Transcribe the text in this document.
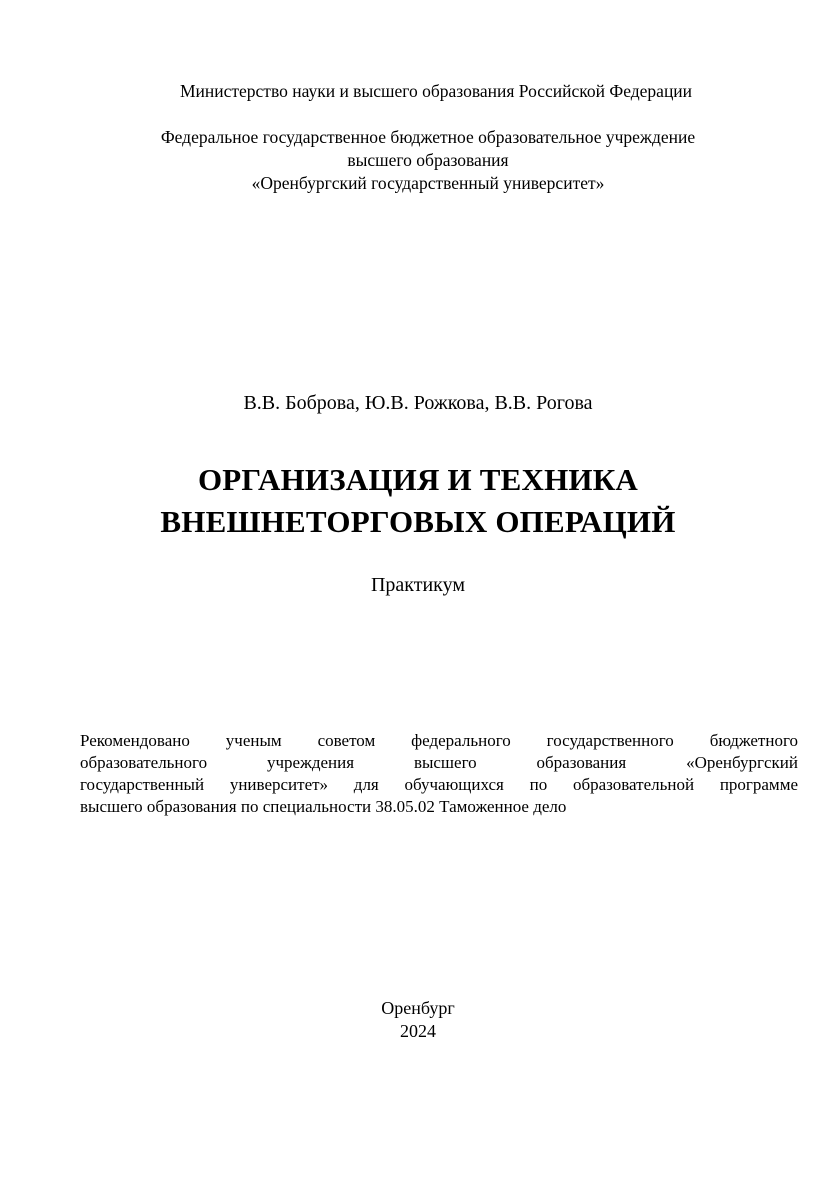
Министерство науки и высшего образования Российской Федерации
Федеральное государственное бюджетное образовательное учреждение
высшего образования
«Оренбургский государственный университет»
В.В. Боброва, Ю.В. Рожкова, В.В. Рогова
ОРГАНИЗАЦИЯ И ТЕХНИКА
ВНЕШНЕТОРГОВЫХ ОПЕРАЦИЙ
Практикум
Рекомендовано ученым советом федерального государственного бюджетного
образовательного учреждения высшего образования «Оренбургский
государственный университет» для обучающихся по образовательной программе
высшего образования по специальности 38.05.02 Таможенное дело
Оренбург
2024
